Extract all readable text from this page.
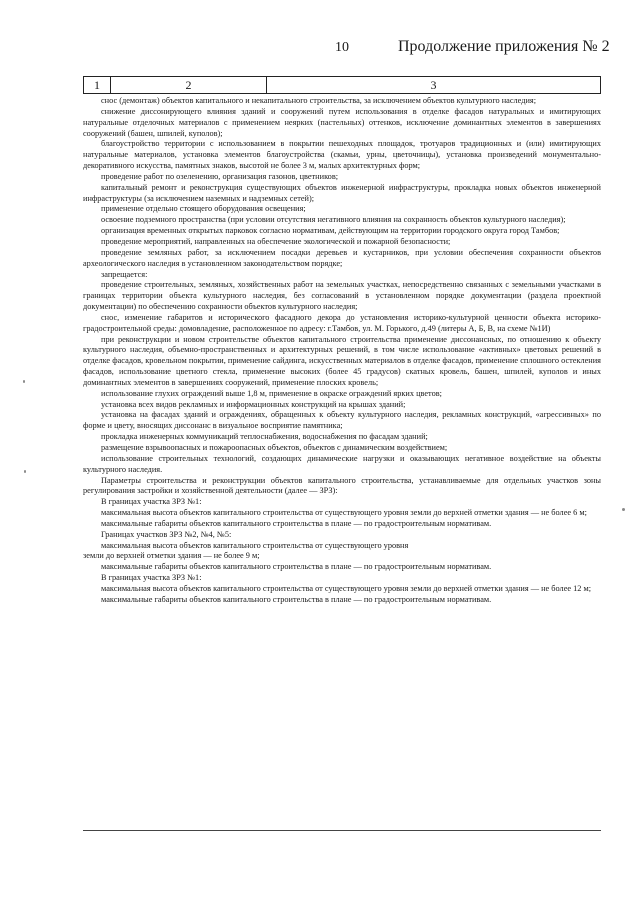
10	Продолжение приложения № 2
1	2	3

снос (демонтаж) объектов капитального и некапитального строительства, за исключением объектов культурного наследия;

снижение диссонирующего влияния зданий и сооружений путем использования в отделке фасадов натуральных и имитирующих натуральные отделочных материалов с применением неярких (пастельных) оттенков, исключение доминантных элементов в завершениях сооружений (башен, шпилей, куполов);

благоустройство территории с использованием в покрытии пешеходных площадок, тротуаров традиционных и (или) имитирующих натуральные материалов, установка элементов благоустройства (скамьи, урны, цветочницы), установка произведений монументально-декоративного искусства, памятных знаков, высотой не более 3 м, малых архитектурных форм;

проведение работ по озеленению, организация газонов, цветников;

капитальный ремонт и реконструкция существующих объектов инженерной инфраструктуры, прокладка новых объектов инженерной инфраструктуры (за исключением наземных и надземных сетей);

применение отдельно стоящего оборудования освещения;

освоение подземного пространства (при условии отсутствия негативного влияния на сохранность объектов культурного наследия);

организация временных открытых парковок согласно нормативам, действующим на территории городского округа город Тамбов;

проведение мероприятий, направленных на обеспечение экологической и пожарной безопасности;

проведение земляных работ, за исключением посадки деревьев и кустарников, при условии обеспечения сохранности объектов археологического наследия в установленном законодательством порядке;

запрещается:

проведение строительных, земляных, хозяйственных работ на земельных участках, непосредственно связанных с земельными участками в границах территории объекта культурного наследия, без согласований в установленном порядке документации (раздела проектной документации) по обеспечению сохранности объектов культурного наследия;

снос, изменение габаритов и исторического фасадного декора до установления историко-культурной ценности объекта историко-градостроительной среды: домовладение, расположенное по адресу: г.Тамбов, ул. М. Горького, д.49 (литеры А, Б, В, на схеме №1И)

при реконструкции и новом строительстве объектов капитального строительства применение диссонансных, по отношению к объекту культурного наследия, объемно-пространственных и архитектурных решений, в том числе использование «активных» цветовых решений в отделке фасадов, кровельном покрытии, применение сайдинга, искусственных материалов в отделке фасадов, применение сплошного остекления фасадов, использование цветного стекла, применение высоких (более 45 градусов) скатных кровель, башен, шпилей, куполов и иных доминантных элементов в завершениях сооружений, применение плоских кровель;

использование глухих ограждений выше 1,8 м, применение в окраске ограждений ярких цветов;

установка всех видов рекламных и информационных конструкций на крышах зданий;

установка на фасадах зданий и ограждениях, обращенных к объекту культурного наследия, рекламных конструкций, «агрессивных» по форме и цвету, вносящих диссонанс в визуальное восприятие памятника;

прокладка инженерных коммуникаций теплоснабжения, водоснабжения по фасадам зданий;

размещение взрывоопасных и пожароопасных объектов, объектов с динамическим воздействием;

использование строительных технологий, создающих динамические нагрузки и оказывающих негативное воздействие на объекты культурного наследия.

Параметры строительства и реконструкции объектов капитального строительства, устанавливаемые для отдельных участков зоны регулирования застройки и хозяйственной деятельности (далее — ЗРЗ):

В границах участка ЗРЗ №1:

максимальная высота объектов капитального строительства от существующего уровня земли до верхней отметки здания — не более 6 м;

максимальные габариты объектов капитального строительства в плане — по градостроительным нормативам.

Границах участков ЗРЗ №2, №4, №5:

максимальная высота объектов капитального строительства от существующего уровня

земли до верхней отметки здания — не более 9 м;

максимальные габариты объектов капитального строительства в плане — по градостроительным нормативам.

В границах участка ЗРЗ №1:

максимальная высота объектов капитального строительства от существующего уровня земли до верхней отметки здания — не более 12 м;

максимальные габариты объектов капитального строительства в плане — по градостроительным нормативам.
